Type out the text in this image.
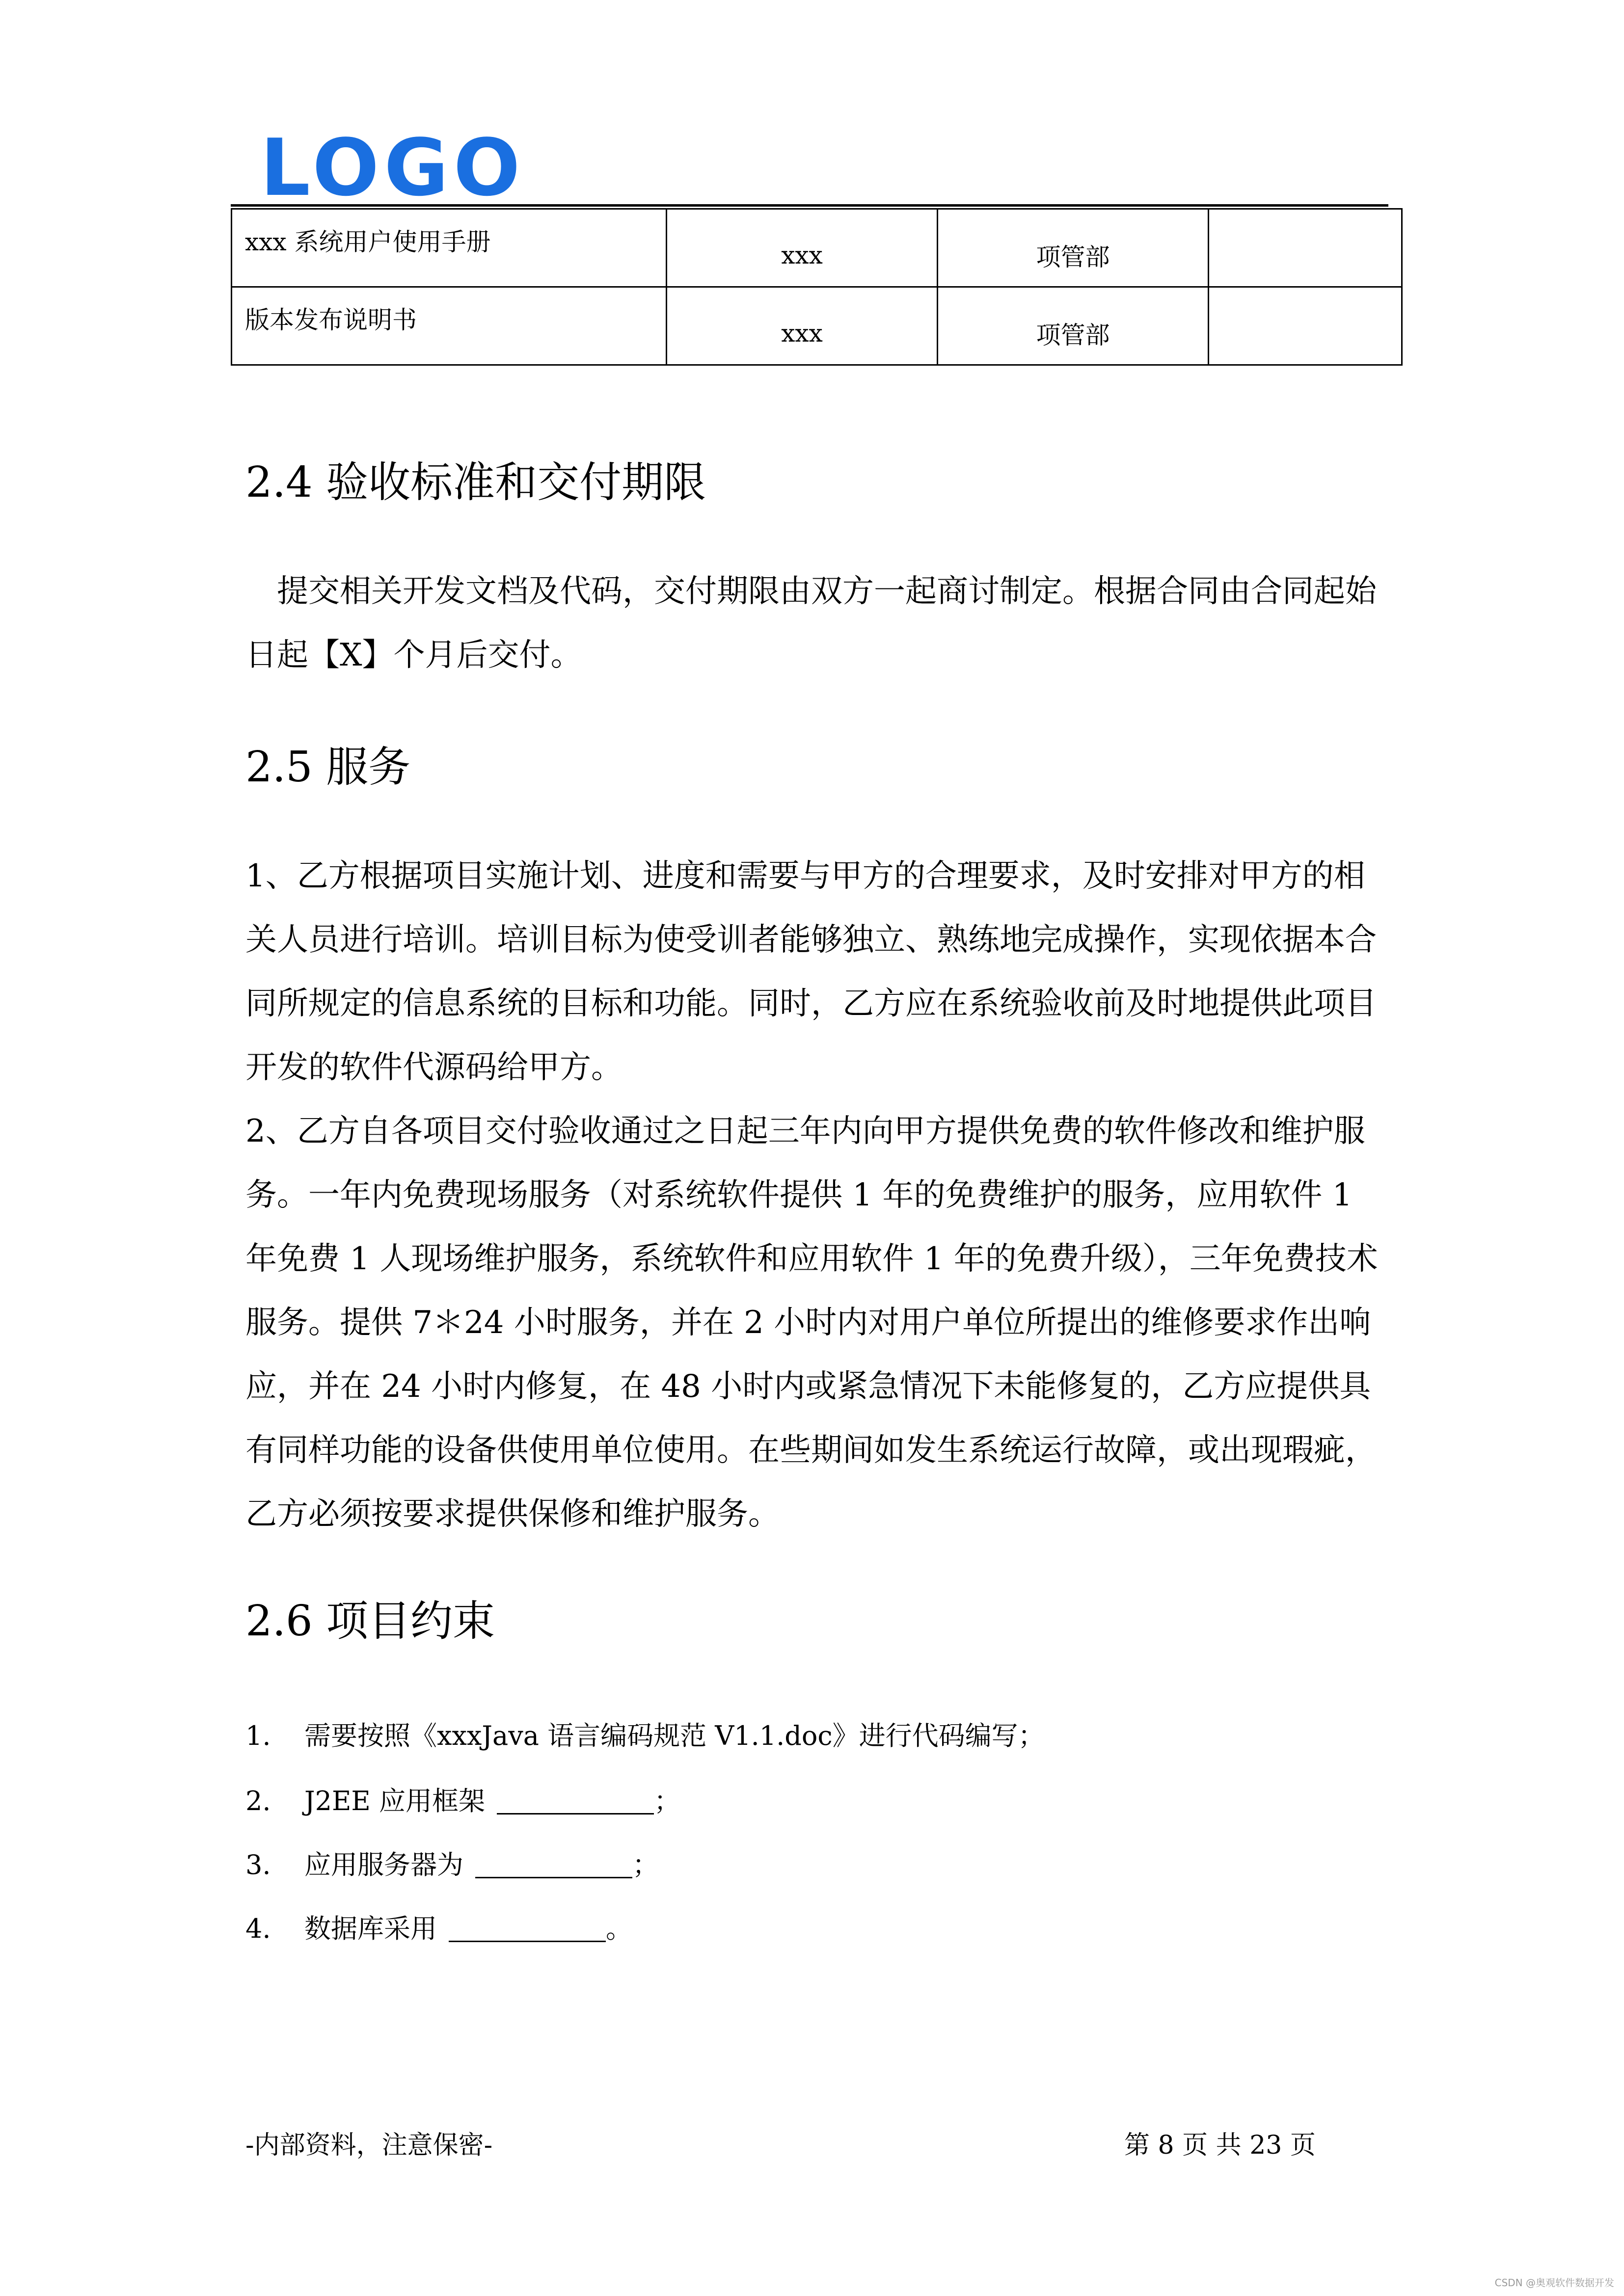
LOGO
xxx 系统用户使用手册	xxx	项管部	
版本发布说明书	xxx	项管部	
2.4 验收标准和交付期限

　提交相关开发文档及代码，交付期限由双方一起商讨制定。根据合同由合同起始日起【X】个月后交付。

2.5 服务

1、乙方根据项目实施计划、进度和需要与甲方的合理要求，及时安排对甲方的相关人员进行培训。培训目标为使受训者能够独立、熟练地完成操作，实现依据本合同所规定的信息系统的目标和功能。同时，乙方应在系统验收前及时地提供此项目开发的软件代源码给甲方。

2、乙方自各项目交付验收通过之日起三年内向甲方提供免费的软件修改和维护服务。一年内免费现场服务（对系统软件提供 1 年的免费维护的服务，应用软件 1 年免费 1 人现场维护服务，系统软件和应用软件 1 年的免费升级），三年免费技术服务。提供 7＊24 小时服务，并在 2 小时内对用户单位所提出的维修要求作出响应，并在 24 小时内修复，在 48 小时内或紧急情况下未能修复的，乙方应提供具有同样功能的设备供使用单位使用。在些期间如发生系统运行故障，或出现瑕疵，乙方必须按要求提供保修和维护服务。

2.6 项目约束
1. 需要按照《xxxJava 语言编码规范 V1.1.doc》进行代码编写；
2. J2EE 应用框架	；
3. 应用服务器为	；
4. 数据库采用	。
-内部资料，注意保密-	第 8 页 共 23 页
CSDN @奥观软件数据开发
